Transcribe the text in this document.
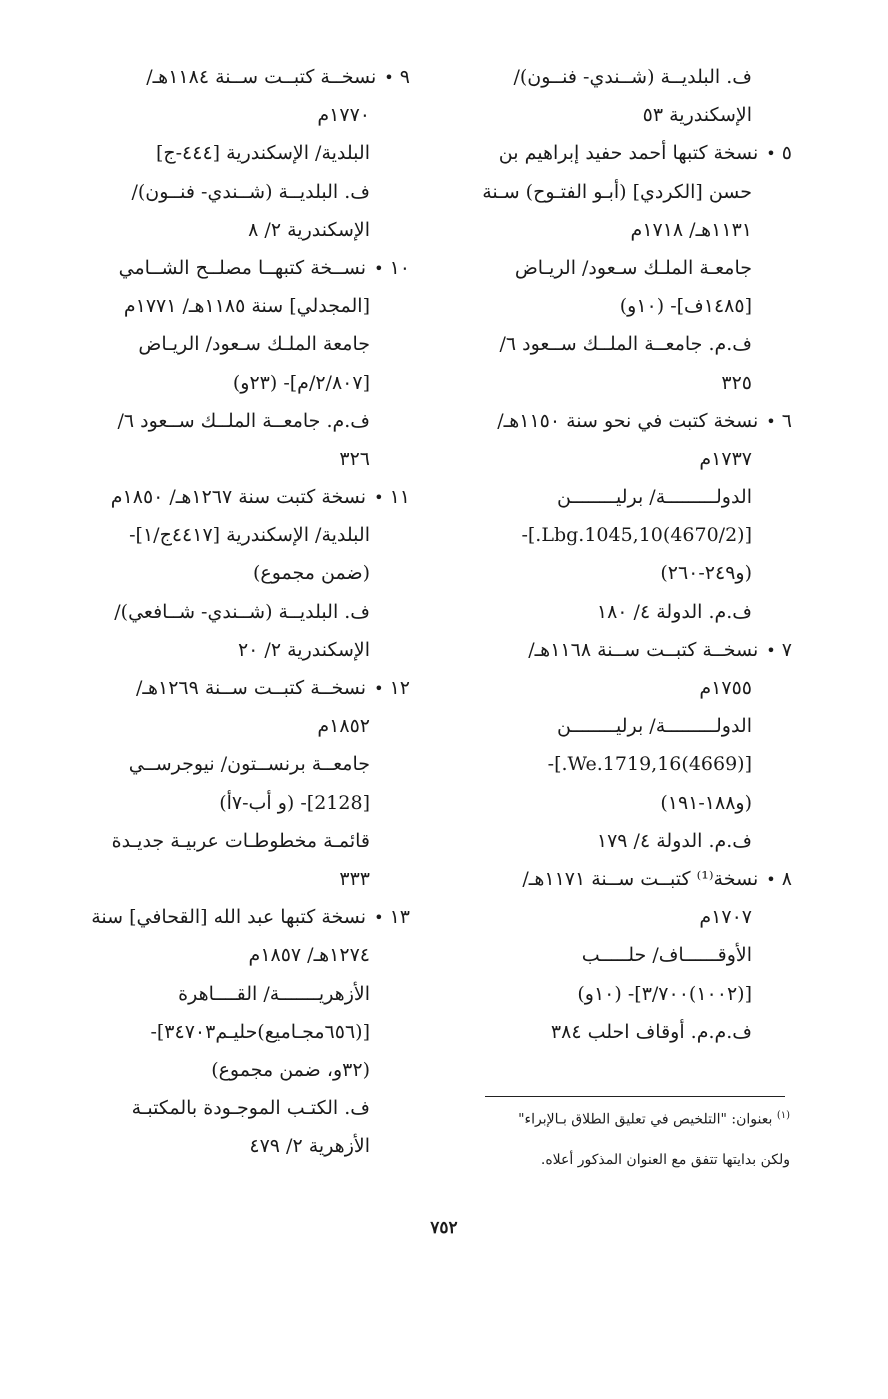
ف. البلديــة (شــندي- فنــون)/
الإسكندرية ٥٣
٥ • نسخة كتبها أحمد حفيد إبراهيم بن
حسن [الكردي] (أبـو الفتـوح) سـنة
١١٣١هـ/ ١٧١٨م
جامعـة الملـك سـعود/ الريـاض
[١٤٨٥ف]- (١٠و)
ف.م. جامعــة الملــك ســعود ٦/
٣٢٥
٦ • نسخة كتبت في نحو سنة ١١٥٠هـ/
١٧٣٧م
الدولـــــــــة/ برليــــــــن
[(4670/2)Lbg.1045,10.]-
(و٢٤٩-٢٦٠)
ف.م. الدولة ٤/ ١٨٠
٧ • نسخــة كتبــت ســنة ١١٦٨هـ/
١٧٥٥م
الدولـــــــــة/ برليــــــــن
[(4669)We.1719,16.]-
(و١٨٨-١٩١)
ف.م. الدولة ٤/ ١٧٩
٨ • نسخة⁽¹⁾ كتبــت ســنة ١١٧١هـ/
١٧٠٧م
الأوقــــــاف/ حلـــــب
[(١٠٠٢)٣/٧٠٠]- (١٠و)
ف.م.م. أوقاف احلب ٣٨٤
٩ • نسخــة كتبــت ســنة ١١٨٤هـ/
١٧٧٠م
البلدية/ الإسكندرية [٤٤٤-ج]
ف. البلديــة (شــندي- فنــون)/
الإسكندرية ٢/ ٨
١٠ • نســخة كتبهــا مصلــح الشــامي
[المجدلي] سنة ١١٨٥هـ/ ١٧٧١م
جامعة الملـك سـعود/ الريـاض
[٢/٨٠٧/م]- (٢٣و)
ف.م. جامعــة الملــك ســعود ٦/
٣٢٦
١١ • نسخة كتبت سنة ١٢٦٧هـ/ ١٨٥٠م
البلدية/ الإسكندرية [٤٤١٧ج/١]-
(ضمن مجموع)
ف. البلديــة (شــندي- شــافعي)/
الإسكندرية ٢/ ٢٠
١٢ • نسخــة كتبــت ســنة ١٢٦٩هـ/
١٨٥٢م
جامعــة برنســتون/ نيوجرســي
[2128]- (و أب-٧أ)
قائمـة مخطوطـات عربيـة جديـدة
٣٣٣
١٣ • نسخة كتبها عبد الله [القحافي] سنة
١٢٧٤هـ/ ١٨٥٧م
الأزهريـــــــة/ القــــاهرة
[(٦٥٦مجـاميع)حليـم٣٤٧٠٣]-
(٣٢و، ضمن مجموع)
ف. الكتـب الموجـودة بالمكتبـة
الأزهرية ٢/ ٤٧٩
$^{(١)}$ بعنوان: "التلخيص في تعليق الطلاق بـالإبراء"
ولكن بدايتها تتفق مع العنوان المذكور أعلاه.
٧٥٢
